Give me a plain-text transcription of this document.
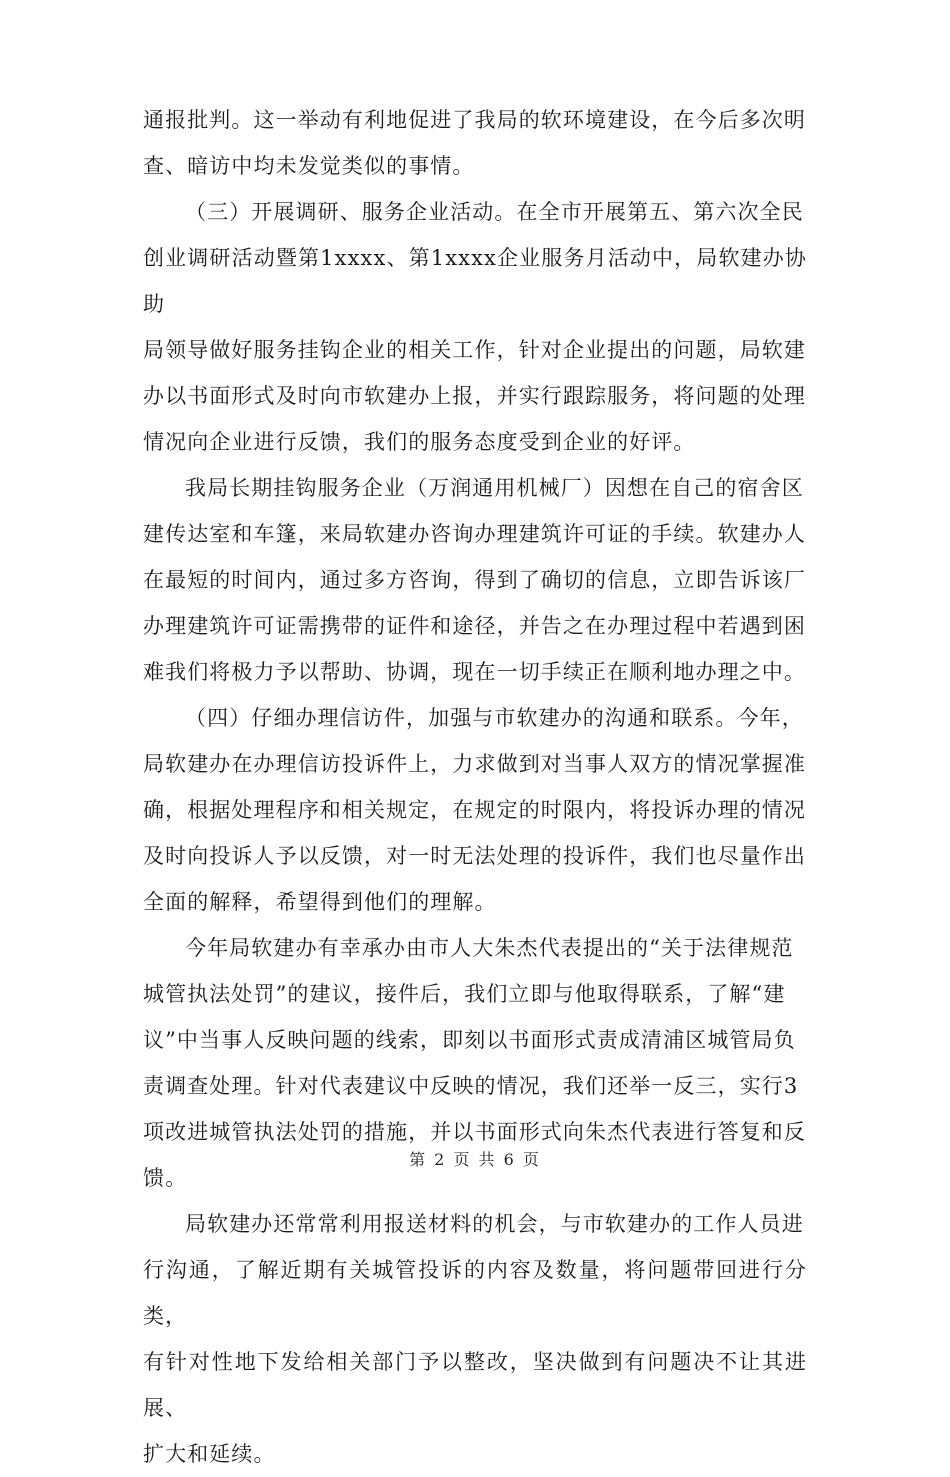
通报批判。这一举动有利地促进了我局的软环境建设，在今后多次明
查、暗访中均未发觉类似的事情。

（三）开展调研、服务企业活动。在全市开展第五、第六次全民
创业调研活动暨第1xxxx、第1xxxx企业服务月活动中，局软建办协助
局领导做好服务挂钩企业的相关工作，针对企业提出的问题，局软建
办以书面形式及时向市软建办上报，并实行跟踪服务，将问题的处理
情况向企业进行反馈，我们的服务态度受到企业的好评。

我局长期挂钩服务企业（万润通用机械厂）因想在自己的宿舍区
建传达室和车篷，来局软建办咨询办理建筑许可证的手续。软建办人
在最短的时间内，通过多方咨询，得到了确切的信息，立即告诉该厂
办理建筑许可证需携带的证件和途径，并告之在办理过程中若遇到困
难我们将极力予以帮助、协调，现在一切手续正在顺利地办理之中。

（四）仔细办理信访件，加强与市软建办的沟通和联系。今年，
局软建办在办理信访投诉件上，力求做到对当事人双方的情况掌握准
确，根据处理程序和相关规定，在规定的时限内，将投诉办理的情况
及时向投诉人予以反馈，对一时无法处理的投诉件，我们也尽量作出
全面的解释，希望得到他们的理解。

今年局软建办有幸承办由市人大朱杰代表提出的“关于法律规范
城管执法处罚”的建议，接件后，我们立即与他取得联系，了解“建
议”中当事人反映问题的线索，即刻以书面形式责成清浦区城管局负
责调查处理。针对代表建议中反映的情况，我们还举一反三，实行3
项改进城管执法处罚的措施，并以书面形式向朱杰代表进行答复和反
馈。

局软建办还常常利用报送材料的机会，与市软建办的工作人员进
行沟通，了解近期有关城管投诉的内容及数量，将问题带回进行分类，
有针对性地下发给相关部门予以整改，坚决做到有问题决不让其进展、
扩大和延续。

第 2 页 共 6 页
